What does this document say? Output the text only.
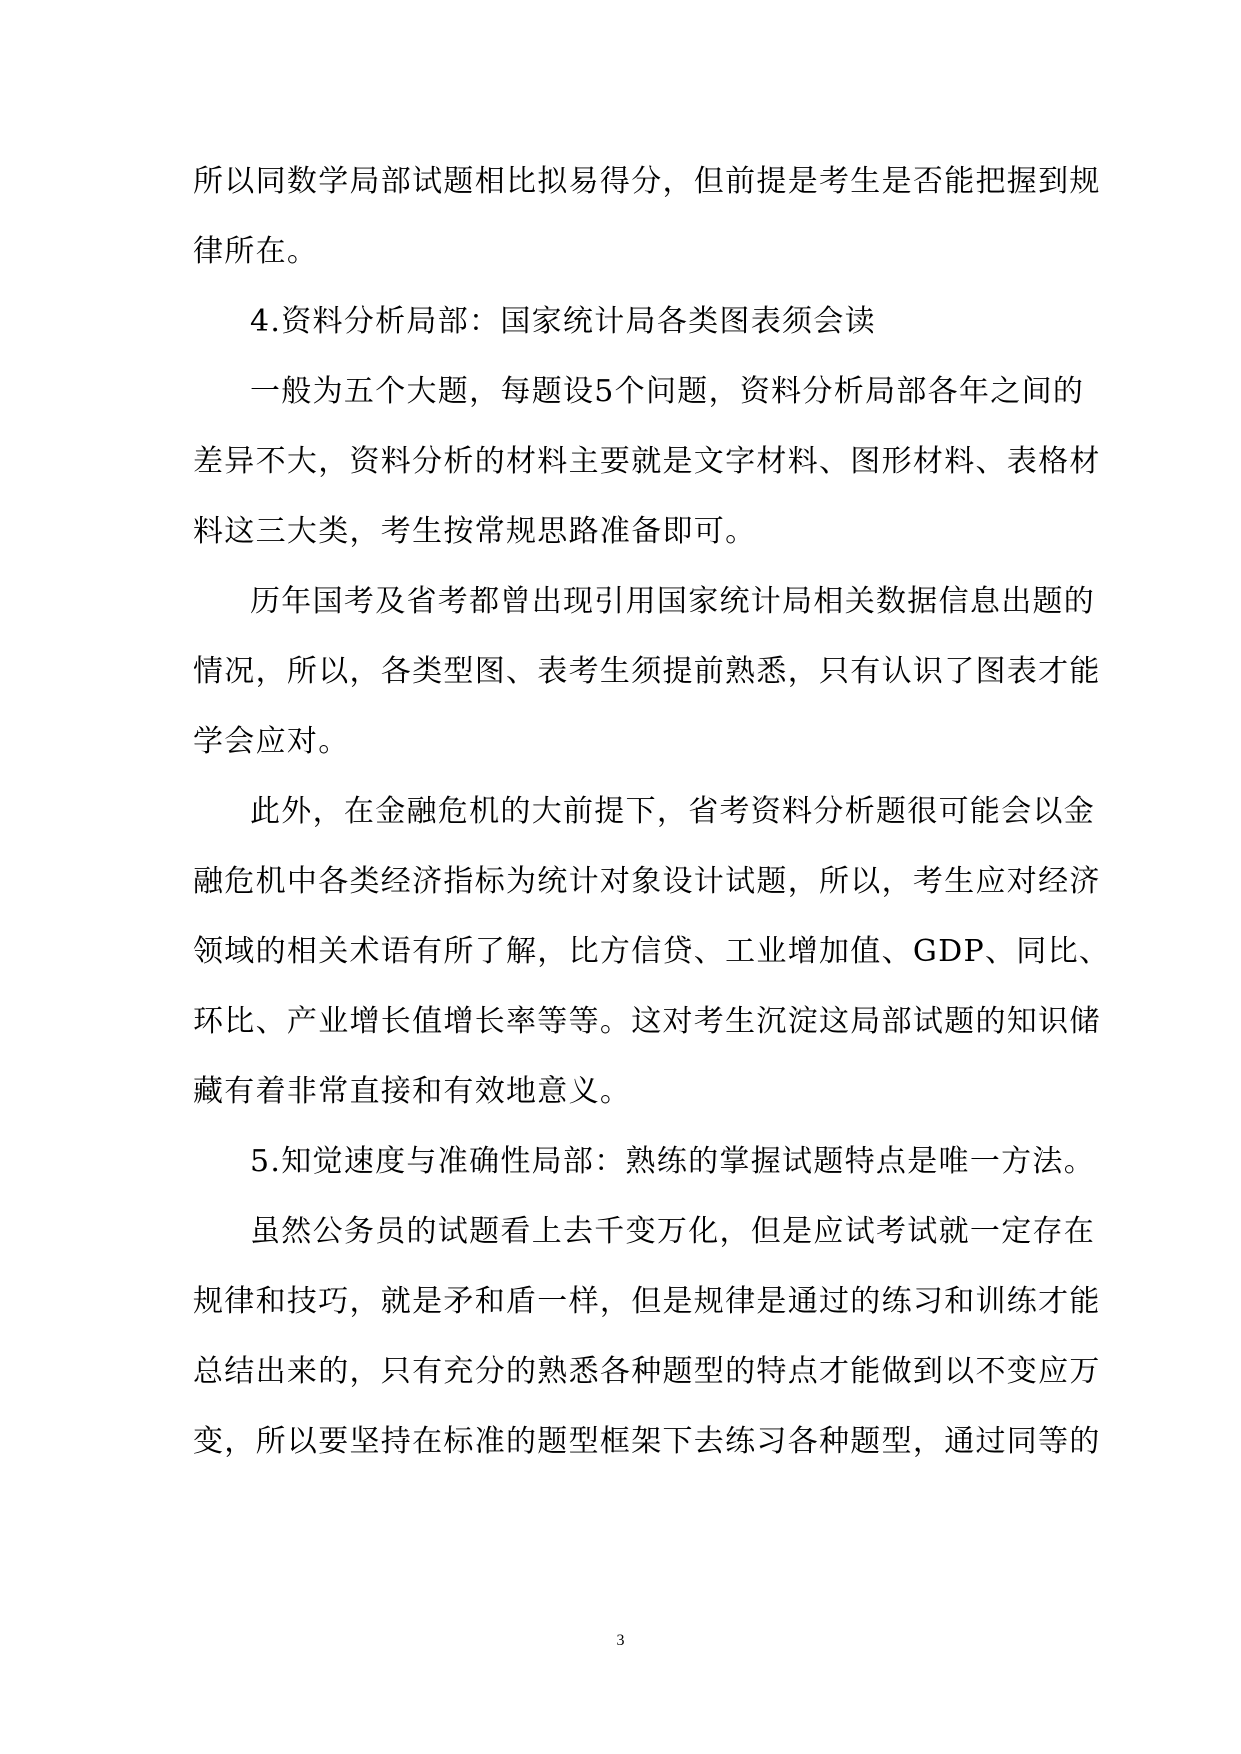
所以同数学局部试题相比拟易得分，但前提是考生是否能把握到规
律所在。
4.资料分析局部：国家统计局各类图表须会读
一般为五个大题，每题设5个问题，资料分析局部各年之间的
差异不大，资料分析的材料主要就是文字材料、图形材料、表格材
料这三大类，考生按常规思路准备即可。
历年国考及省考都曾出现引用国家统计局相关数据信息出题的
情况，所以，各类型图、表考生须提前熟悉，只有认识了图表才能
学会应对。
此外，在金融危机的大前提下，省考资料分析题很可能会以金
融危机中各类经济指标为统计对象设计试题，所以，考生应对经济
领域的相关术语有所了解，比方信贷、工业增加值、GDP、同比、
环比、产业增长值增长率等等。这对考生沉淀这局部试题的知识储
藏有着非常直接和有效地意义。
5.知觉速度与准确性局部：熟练的掌握试题特点是唯一方法。
虽然公务员的试题看上去千变万化，但是应试考试就一定存在
规律和技巧，就是矛和盾一样，但是规律是通过的练习和训练才能
总结出来的，只有充分的熟悉各种题型的特点才能做到以不变应万
变，所以要坚持在标准的题型框架下去练习各种题型，通过同等的
3
